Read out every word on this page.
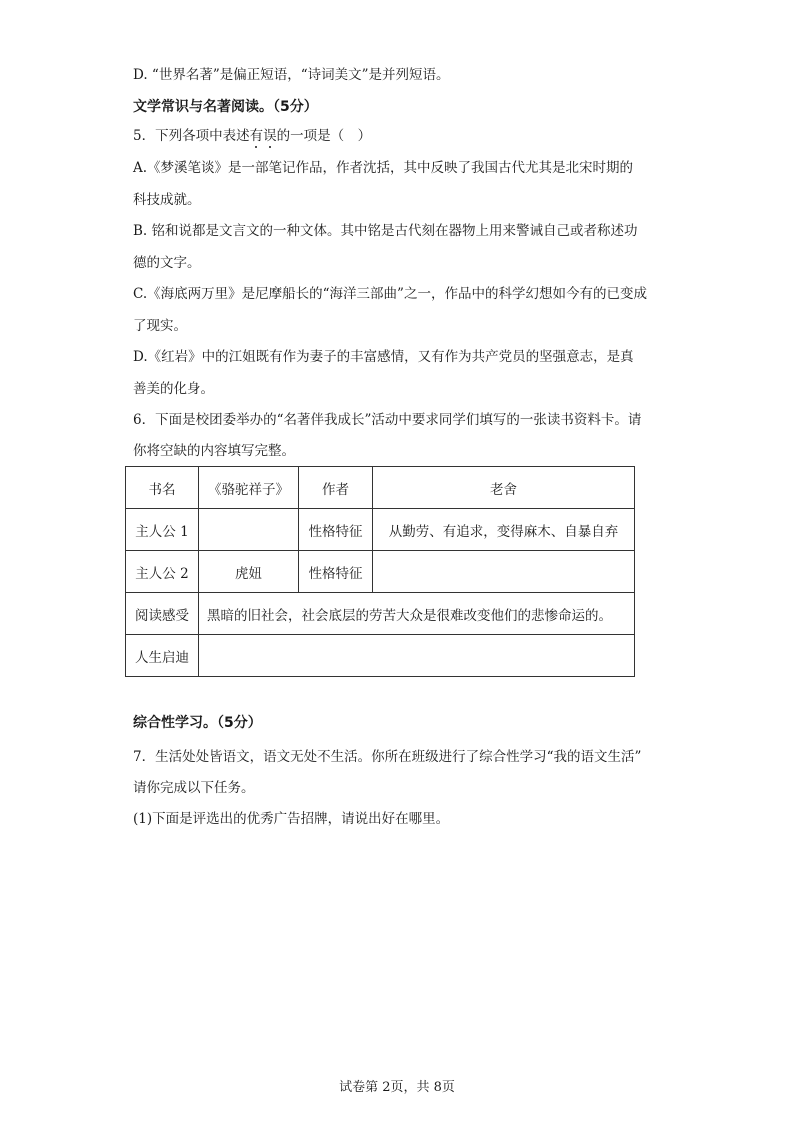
D. “世界名著”是偏正短语，“诗词美文”是并列短语。
文学常识与名著阅读。（5分）
5．下列各项中表述有误的一项是（　）
A.《梦溪笔谈》是一部笔记作品，作者沈括，其中反映了我国古代尤其是北宋时期的
科技成就。
B. 铭和说都是文言文的一种文体。其中铭是古代刻在器物上用来警诫自己或者称述功
德的文字。
C.《海底两万里》是尼摩船长的“海洋三部曲”之一，作品中的科学幻想如今有的已变成
了现实。
D.《红岩》中的江姐既有作为妻子的丰富感情，又有作为共产党员的坚强意志，是真
善美的化身。
6．下面是校团委举办的“名著伴我成长”活动中要求同学们填写的一张读书资料卡。请
你将空缺的内容填写完整。
书名	《骆驼祥子》	作者	老舍
主人公 1		性格特征	从勤劳、有追求，变得麻木、自暴自弃
主人公 2	虎妞	性格特征	
阅读感受	黑暗的旧社会，社会底层的劳苦大众是很难改变他们的悲惨命运的。		
人生启迪			
综合性学习。（5分）
7．生活处处皆语文，语文无处不生活。你所在班级进行了综合性学习“我的语文生活”
请你完成以下任务。
(1)下面是评选出的优秀广告招牌，请说出好在哪里。
试卷第 2页，共 8页
